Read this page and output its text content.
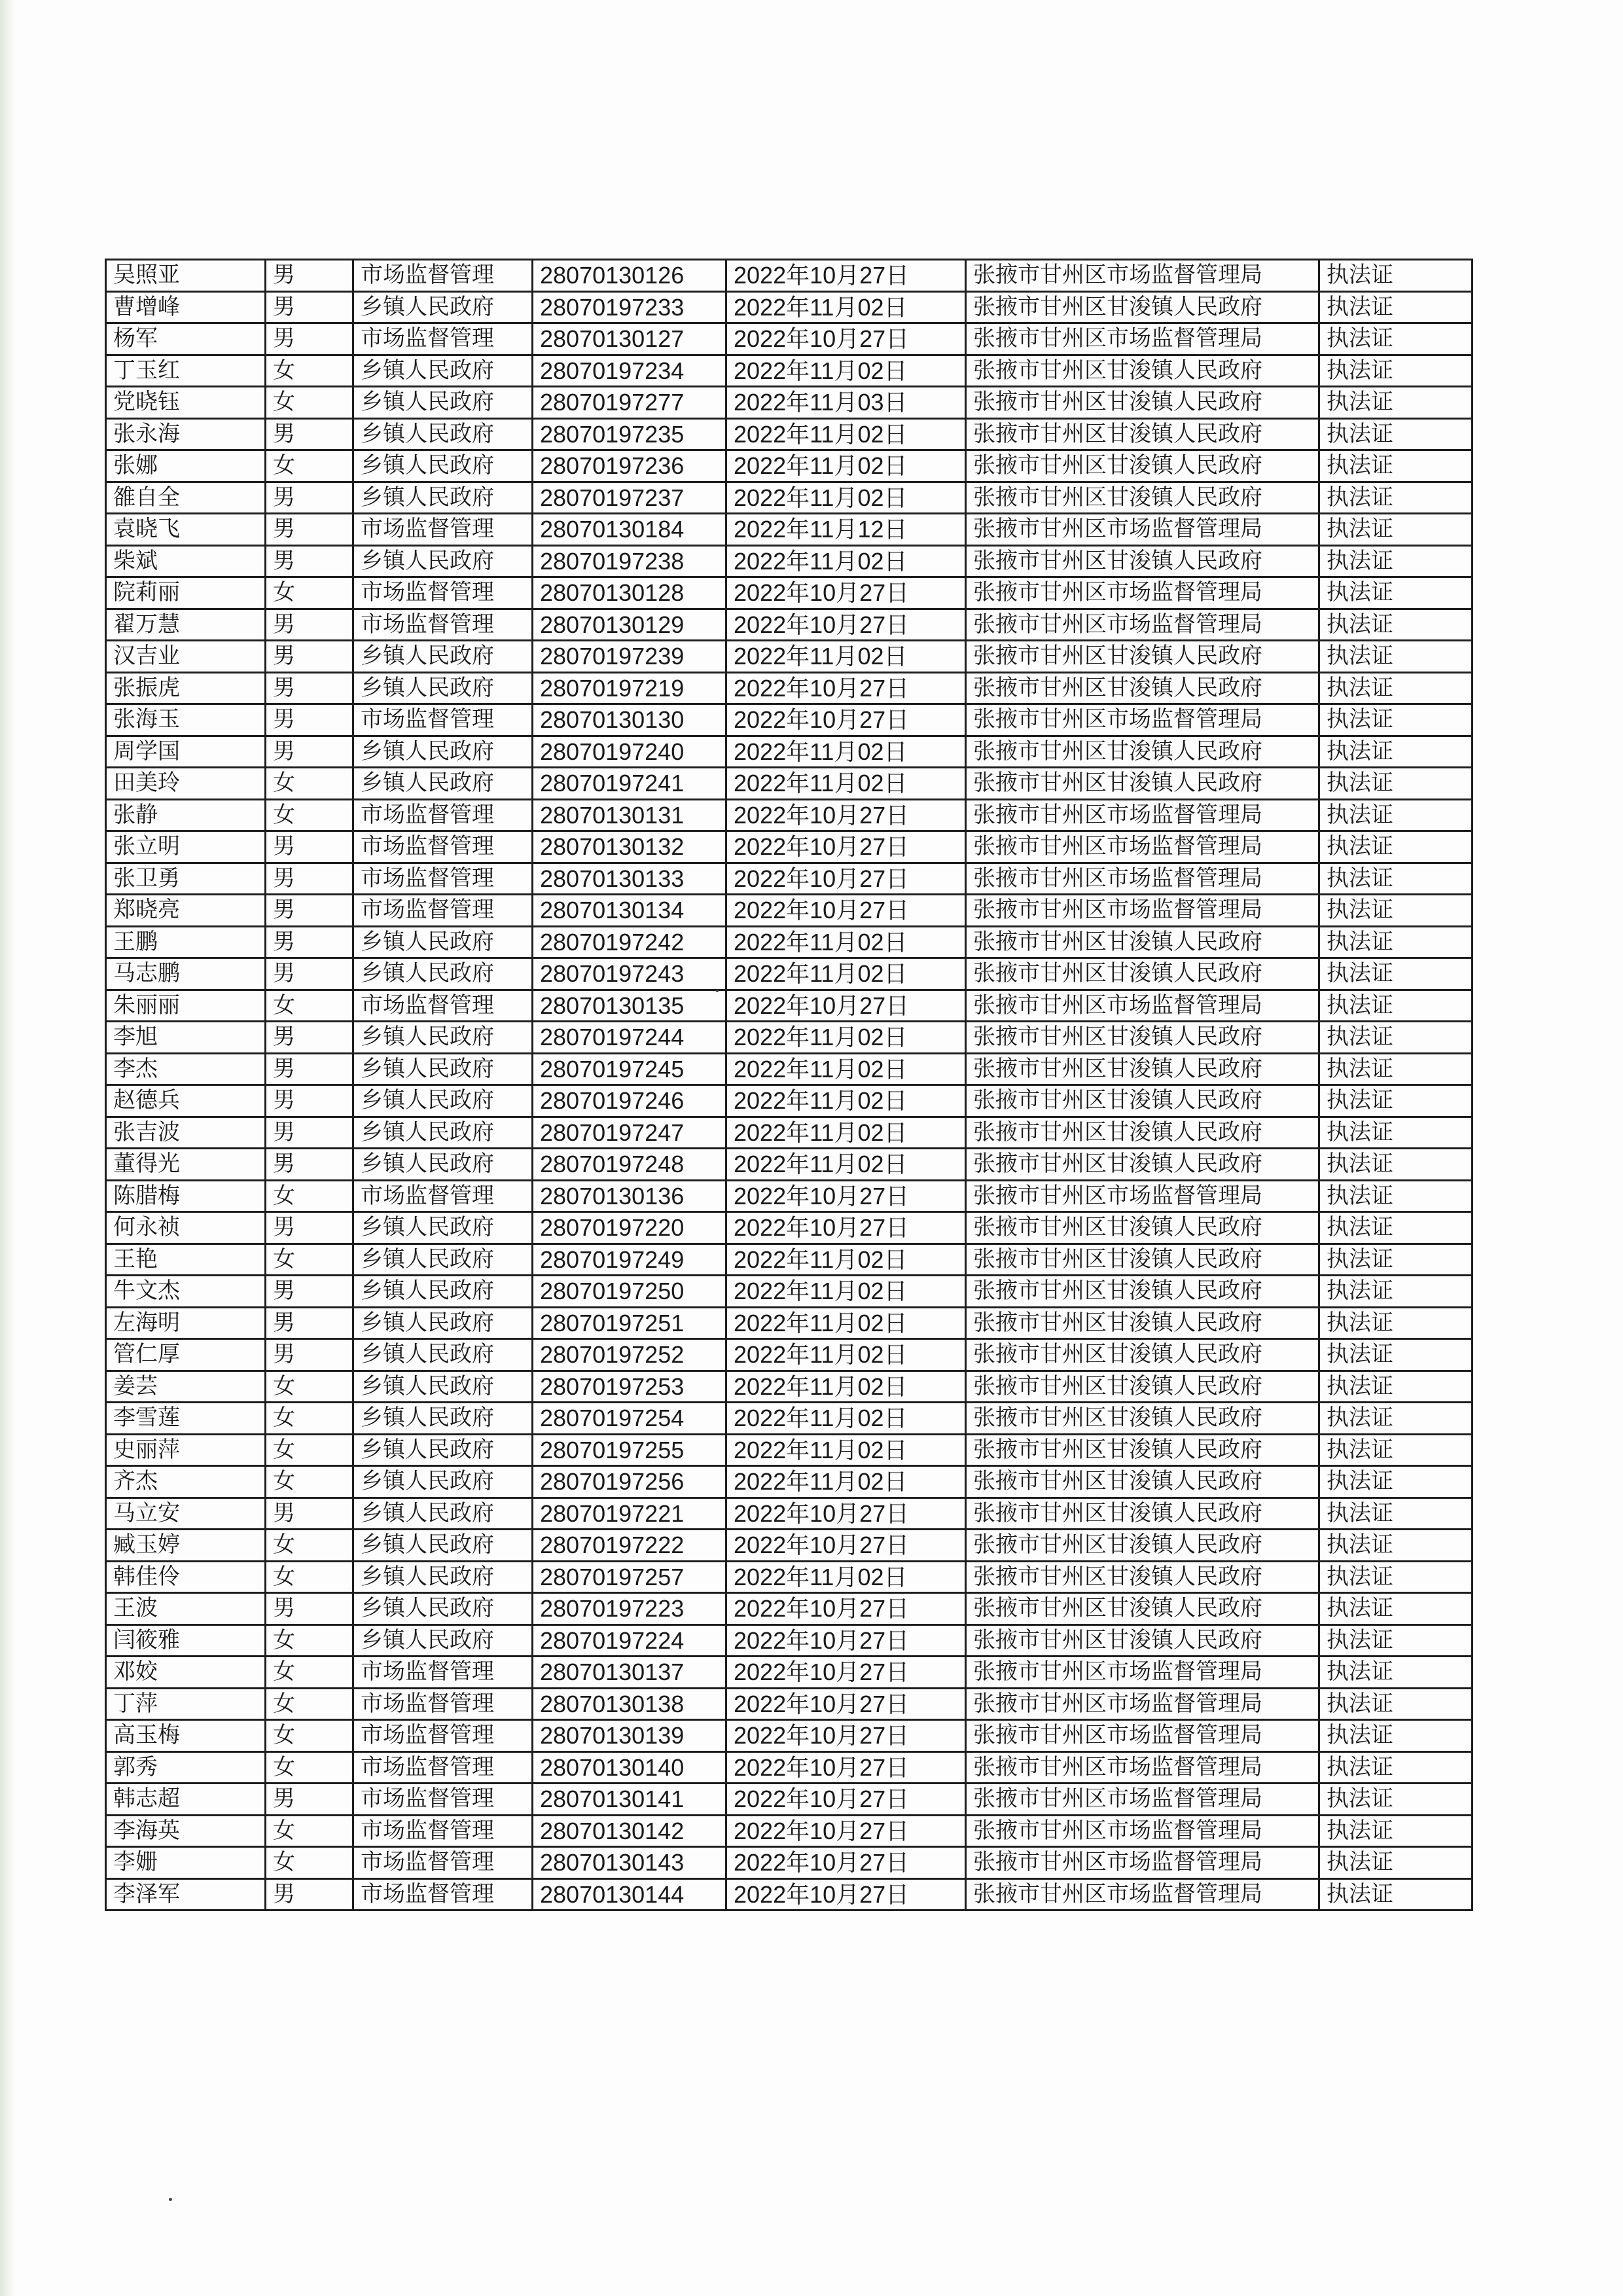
吴照亚	男	市场监督管理	28070130126	2022年10月27日	张掖市甘州区市场监督管理局	执法证
曹增峰	男	乡镇人民政府	28070197233	2022年11月02日	张掖市甘州区甘浚镇人民政府	执法证
杨军	男	市场监督管理	28070130127	2022年10月27日	张掖市甘州区市场监督管理局	执法证
丁玉红	女	乡镇人民政府	28070197234	2022年11月02日	张掖市甘州区甘浚镇人民政府	执法证
党晓钰	女	乡镇人民政府	28070197277	2022年11月03日	张掖市甘州区甘浚镇人民政府	执法证
张永海	男	乡镇人民政府	28070197235	2022年11月02日	张掖市甘州区甘浚镇人民政府	执法证
张娜	女	乡镇人民政府	28070197236	2022年11月02日	张掖市甘州区甘浚镇人民政府	执法证
雒自全	男	乡镇人民政府	28070197237	2022年11月02日	张掖市甘州区甘浚镇人民政府	执法证
袁晓飞	男	市场监督管理	28070130184	2022年11月12日	张掖市甘州区市场监督管理局	执法证
柴斌	男	乡镇人民政府	28070197238	2022年11月02日	张掖市甘州区甘浚镇人民政府	执法证
院莉丽	女	市场监督管理	28070130128	2022年10月27日	张掖市甘州区市场监督管理局	执法证
翟万慧	男	市场监督管理	28070130129	2022年10月27日	张掖市甘州区市场监督管理局	执法证
汉吉业	男	乡镇人民政府	28070197239	2022年11月02日	张掖市甘州区甘浚镇人民政府	执法证
张振虎	男	乡镇人民政府	28070197219	2022年10月27日	张掖市甘州区甘浚镇人民政府	执法证
张海玉	男	市场监督管理	28070130130	2022年10月27日	张掖市甘州区市场监督管理局	执法证
周学国	男	乡镇人民政府	28070197240	2022年11月02日	张掖市甘州区甘浚镇人民政府	执法证
田美玲	女	乡镇人民政府	28070197241	2022年11月02日	张掖市甘州区甘浚镇人民政府	执法证
张静	女	市场监督管理	28070130131	2022年10月27日	张掖市甘州区市场监督管理局	执法证
张立明	男	市场监督管理	28070130132	2022年10月27日	张掖市甘州区市场监督管理局	执法证
张卫勇	男	市场监督管理	28070130133	2022年10月27日	张掖市甘州区市场监督管理局	执法证
郑晓亮	男	市场监督管理	28070130134	2022年10月27日	张掖市甘州区市场监督管理局	执法证
王鹏	男	乡镇人民政府	28070197242	2022年11月02日	张掖市甘州区甘浚镇人民政府	执法证
马志鹏	男	乡镇人民政府	28070197243	2022年11月02日	张掖市甘州区甘浚镇人民政府	执法证
朱丽丽	女	市场监督管理	28070130135	2022年10月27日	张掖市甘州区市场监督管理局	执法证
李旭	男	乡镇人民政府	28070197244	2022年11月02日	张掖市甘州区甘浚镇人民政府	执法证
李杰	男	乡镇人民政府	28070197245	2022年11月02日	张掖市甘州区甘浚镇人民政府	执法证
赵德兵	男	乡镇人民政府	28070197246	2022年11月02日	张掖市甘州区甘浚镇人民政府	执法证
张吉波	男	乡镇人民政府	28070197247	2022年11月02日	张掖市甘州区甘浚镇人民政府	执法证
董得光	男	乡镇人民政府	28070197248	2022年11月02日	张掖市甘州区甘浚镇人民政府	执法证
陈腊梅	女	市场监督管理	28070130136	2022年10月27日	张掖市甘州区市场监督管理局	执法证
何永祯	男	乡镇人民政府	28070197220	2022年10月27日	张掖市甘州区甘浚镇人民政府	执法证
王艳	女	乡镇人民政府	28070197249	2022年11月02日	张掖市甘州区甘浚镇人民政府	执法证
牛文杰	男	乡镇人民政府	28070197250	2022年11月02日	张掖市甘州区甘浚镇人民政府	执法证
左海明	男	乡镇人民政府	28070197251	2022年11月02日	张掖市甘州区甘浚镇人民政府	执法证
管仁厚	男	乡镇人民政府	28070197252	2022年11月02日	张掖市甘州区甘浚镇人民政府	执法证
姜芸	女	乡镇人民政府	28070197253	2022年11月02日	张掖市甘州区甘浚镇人民政府	执法证
李雪莲	女	乡镇人民政府	28070197254	2022年11月02日	张掖市甘州区甘浚镇人民政府	执法证
史丽萍	女	乡镇人民政府	28070197255	2022年11月02日	张掖市甘州区甘浚镇人民政府	执法证
齐杰	女	乡镇人民政府	28070197256	2022年11月02日	张掖市甘州区甘浚镇人民政府	执法证
马立安	男	乡镇人民政府	28070197221	2022年10月27日	张掖市甘州区甘浚镇人民政府	执法证
臧玉婷	女	乡镇人民政府	28070197222	2022年10月27日	张掖市甘州区甘浚镇人民政府	执法证
韩佳伶	女	乡镇人民政府	28070197257	2022年11月02日	张掖市甘州区甘浚镇人民政府	执法证
王波	男	乡镇人民政府	28070197223	2022年10月27日	张掖市甘州区甘浚镇人民政府	执法证
闫筱雅	女	乡镇人民政府	28070197224	2022年10月27日	张掖市甘州区甘浚镇人民政府	执法证
邓姣	女	市场监督管理	28070130137	2022年10月27日	张掖市甘州区市场监督管理局	执法证
丁萍	女	市场监督管理	28070130138	2022年10月27日	张掖市甘州区市场监督管理局	执法证
高玉梅	女	市场监督管理	28070130139	2022年10月27日	张掖市甘州区市场监督管理局	执法证
郭秀	女	市场监督管理	28070130140	2022年10月27日	张掖市甘州区市场监督管理局	执法证
韩志超	男	市场监督管理	28070130141	2022年10月27日	张掖市甘州区市场监督管理局	执法证
李海英	女	市场监督管理	28070130142	2022年10月27日	张掖市甘州区市场监督管理局	执法证
李姗	女	市场监督管理	28070130143	2022年10月27日	张掖市甘州区市场监督管理局	执法证
李泽军	男	市场监督管理	28070130144	2022年10月27日	张掖市甘州区市场监督管理局	执法证
